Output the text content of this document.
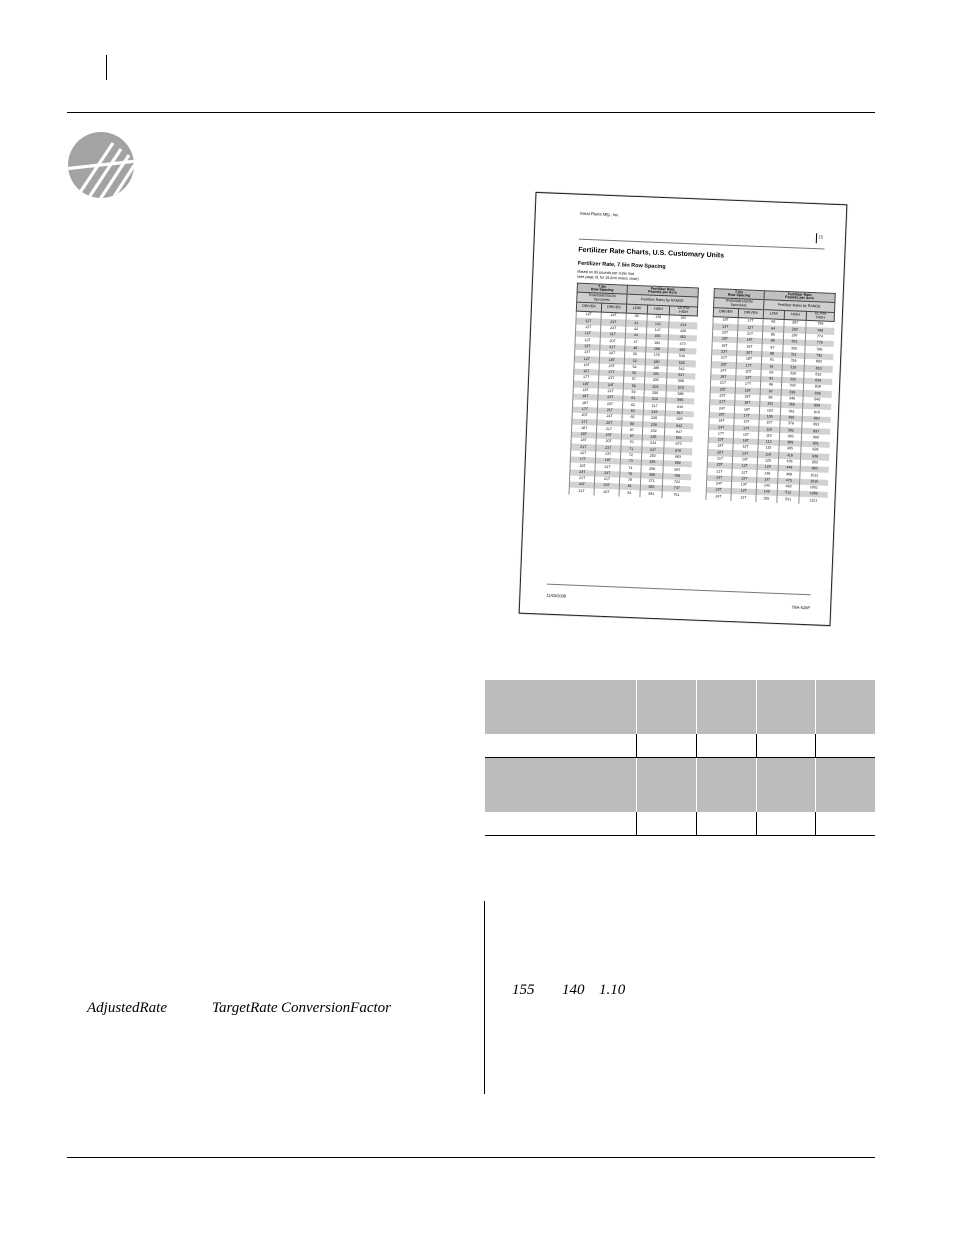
Great Plains Mfg., Inc.
15
Fertilizer Rate Charts, U.S. Customary Units
Fertilizer Rate, 7.5in Row Spacing
Based on 65 pounds per cubic foot
(see page 31 for 19.2cm metric chart)
7.5in
Row Spacing		Fertilizer Rate
Pounds per Acre		
TRANSMISSION
Sprockets		Fertilizer Rates by RANGE		
DRIVER	DRIVEN	LOW	HIGH	ULTRA
HIGH
12T	24T	39	135	397
12T	23T	41	141	414
13T	24T	42	147	429
12T	21T	44	155	452
12T	20T	47	162	473
13T	21T	48	168	485
13T	20T	50	176	510
12T	18T	52	180	525
16T	23T	54	188	542
12T	17T	55	191	547
17T	23T	57	200	568
18T	24T	58	203	570
16T	21T	59	206	586
18T	23T	61	212	595
18T	20T	62	217	610
17T	21T	63	219	617
20T	24T	65	226	629
17T	20T	66	230	642
18T	21T	67	232	647
20T	23T	67	235	651
18T	20T	70	244	673
21T	23T	71	247	676
12T	13T	72	250	683
17T	18T	73	255	692
20T	21T	74	258	697
23T	24T	76	268	759
21T	21T	78	271	724
24T	23T	81	283	747
21T	20T	81	284	751
7.5in
Row Spacing		Fertilizer Rate
Pounds per Acre		
TRANSMISSION
Sprockets		Fertilizer Rates by RANGE		
DRIVER	DRIVEN	LOW	HIGH	ULTRA
HIGH
18T	17T	62	287	756
13T	12T	64	283	768
23T	21T	85	297	774
20T	18T	86	301	775
18T	16T	87	305	785
23T	20T	88	311	792
21T	18T	91	316	803
20T	17T	91	319	810
24T	20T	93	326	815
16T	13T	93	333	839
21T	17T	96	333	828
20T	16T	97	339	836
23T	18T	99	346	845
21T	16T	102	356	858
24T	18T	103	361	870
20T	17T	105	366	883
18T	13T	107	376	891
24T	17T	110	382	897
17T	12T	110	383	900
23T	16T	112	389	901
18T	12T	115	405	928
20T	13T	119	416	936
21T	13T	125	435	953
20T	12T	129	449	983
21T	12T	136	469	1012
23T	13T	137	475	1015
24T	13T	143	493	1051
23T	12T	149	512	1086
24T	12T	155	531	1121
11/03/2008
TBA-528P

AdjustedRate	TargetRate ConversionFactor
155 140 1.10
